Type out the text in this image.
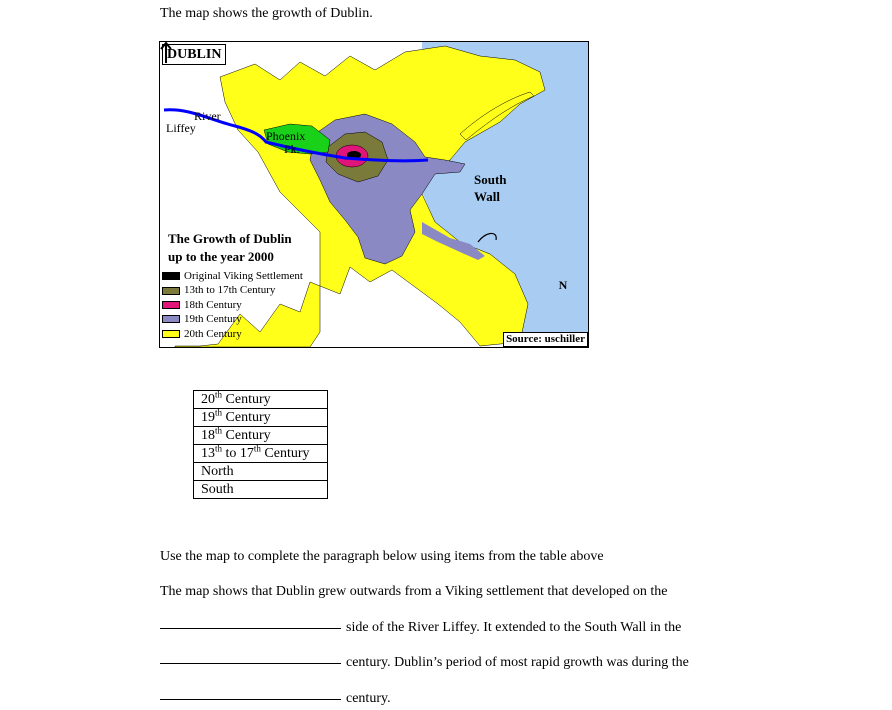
The map shows the growth of Dublin.
DUBLIN
River
Liffey
Phoenix
Pk.
South
Wall
The Growth of Dublin
up to the year 2000
Original Viking Settlement
13th to 17th Century
18th Century
19th Century
20th Century
N
Source: uschiller
20th Century
19th Century
18th Century
13th to 17th Century
North
South
Use the map to complete the paragraph below using items from the table above
The map shows that Dublin grew outwards from a Viking settlement that developed on the
side of the River Liffey. It extended to the South Wall in the
century. Dublin’s period of most rapid growth was during the
century.
